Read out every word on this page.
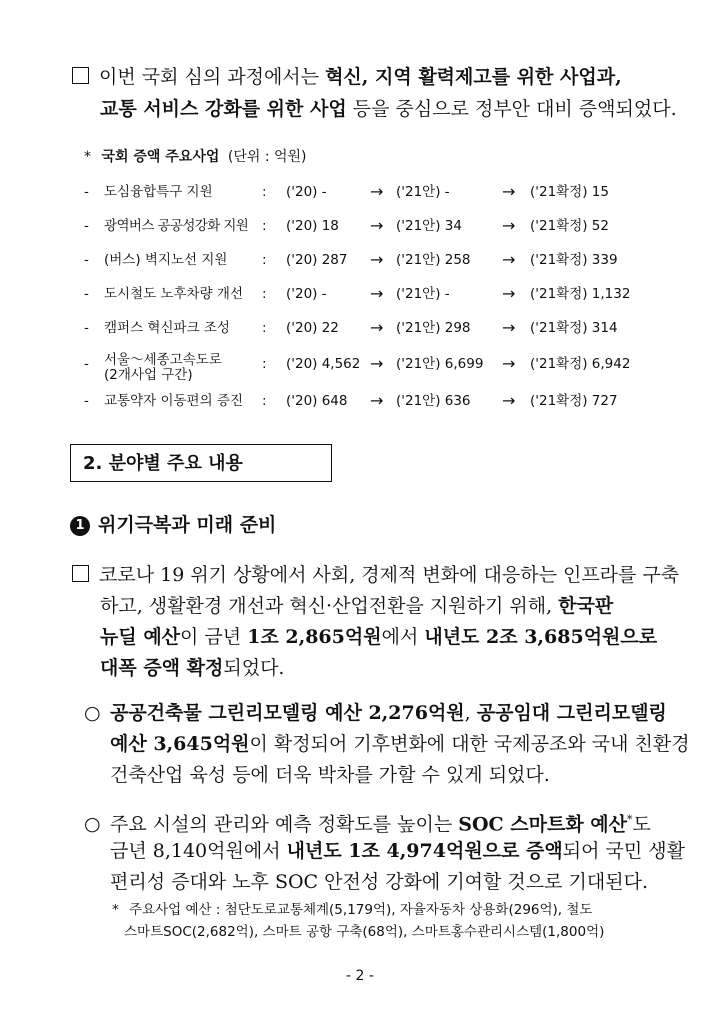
이번 국회 심의 과정에서는 혁신, 지역 활력제고를 위한 사업과,
교통 서비스 강화를 위한 사업 등을 중심으로 정부안 대비 증액되었다.
* 국회 증액 주요사업 (단위 : 억원)
- 도심융합특구 지원	: ('20) -	→ ('21안) -	→ ('21확정) 15
- 광역버스 공공성강화 지원 : ('20) 18 → ('21안) 34	→ ('21확정) 52
- (버스) 벽지노선 지원	: ('20) 287 → ('21안) 258 → ('21확정) 339
- 도시철도 노후차량 개선 : ('20) -	→ ('21안) -	→ ('21확정) 1,132
- 캠퍼스 혁신파크 조성 : ('20) 22 → ('21안) 298 → ('21확정) 314
- 서울～세종고속도로
(2개사업 구간)
: ('20) 4,562 → ('21안) 6,699 → ('21확정) 6,942
- 교통약자 이동편의 증진 : ('20) 648 → ('21안) 636 → ('21확정) 727
2. 분야별 주요 내용
1 위기극복과 미래 준비
코로나 19 위기 상황에서 사회, 경제적 변화에 대응하는 인프라를 구축
하고, 생활환경 개선과 혁신·산업전환을 지원하기 위해, 한국판
뉴딜 예산이 금년 1조 2,865억원에서 내년도 2조 3,685억원으로
대폭 증액 확정되었다.
○ 공공건축물 그린리모델링 예산 2,276억원, 공공임대 그린리모델링
예산 3,645억원이 확정되어 기후변화에 대한 국제공조와 국내 친환경
건축산업 육성 등에 더욱 박차를 가할 수 있게 되었다.
○ 주요 시설의 관리와 예측 정확도를 높이는 SOC 스마트화 예산*도
금년 8,140억원에서 내년도 1조 4,974억원으로 증액되어 국민 생활
편리성 증대와 노후 SOC 안전성 강화에 기여할 것으로 기대된다.
* 주요사업 예산 : 첨단도로교통체계(5,179억), 자율자동차 상용화(296억), 철도
스마트SOC(2,682억), 스마트 공항 구축(68억), 스마트홍수관리시스템(1,800억)
- 2 -
